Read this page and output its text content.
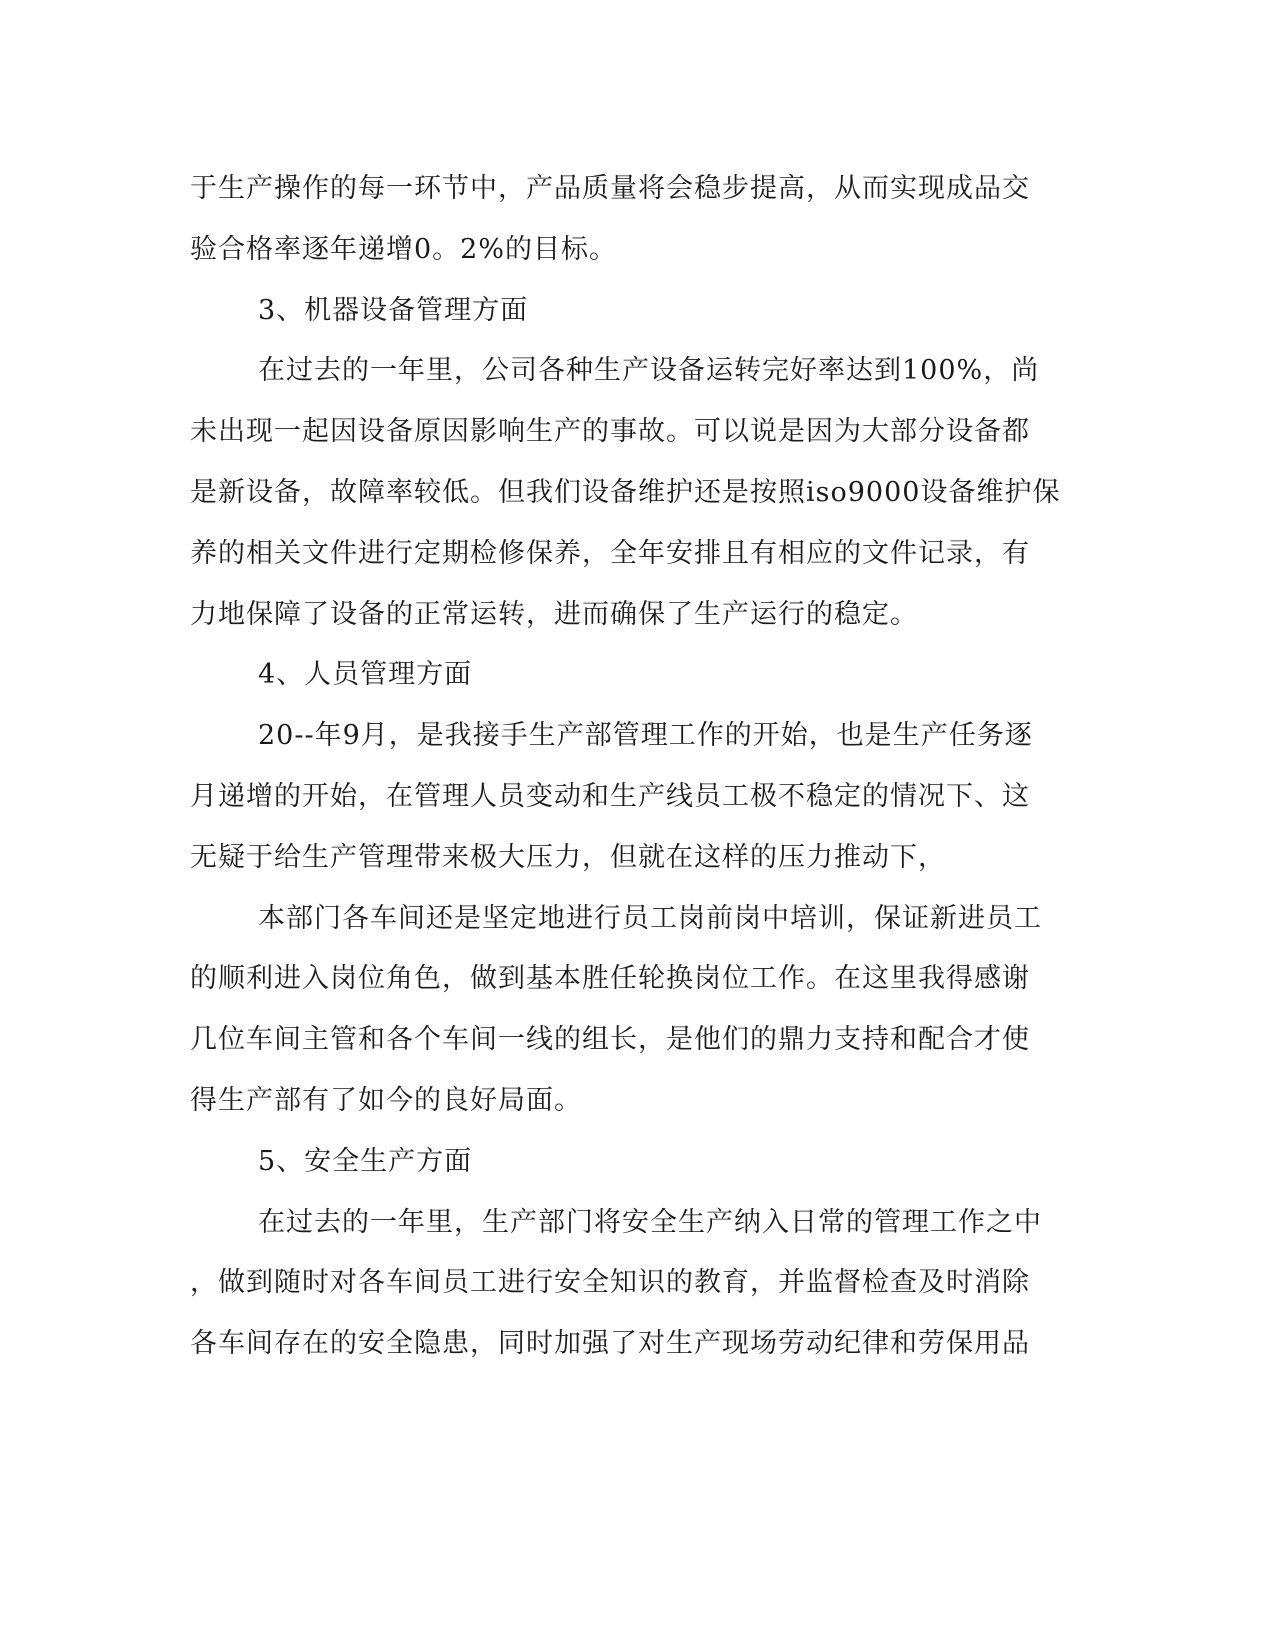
于生产操作的每一环节中，产品质量将会稳步提高，从而实现成品交
验合格率逐年递增0。2%的目标。
3、机器设备管理方面
在过去的一年里，公司各种生产设备运转完好率达到100%，尚
未出现一起因设备原因影响生产的事故。可以说是因为大部分设备都
是新设备，故障率较低。但我们设备维护还是按照iso9000设备维护保
养的相关文件进行定期检修保养，全年安排且有相应的文件记录，有
力地保障了设备的正常运转，进而确保了生产运行的稳定。
4、人员管理方面
20--年9月，是我接手生产部管理工作的开始，也是生产任务逐
月递增的开始，在管理人员变动和生产线员工极不稳定的情况下、这
无疑于给生产管理带来极大压力，但就在这样的压力推动下，
本部门各车间还是坚定地进行员工岗前岗中培训，保证新进员工
的顺利进入岗位角色，做到基本胜任轮换岗位工作。在这里我得感谢
几位车间主管和各个车间一线的组长，是他们的鼎力支持和配合才使
得生产部有了如今的良好局面。
5、安全生产方面
在过去的一年里，生产部门将安全生产纳入日常的管理工作之中
，做到随时对各车间员工进行安全知识的教育，并监督检查及时消除
各车间存在的安全隐患，同时加强了对生产现场劳动纪律和劳保用品
